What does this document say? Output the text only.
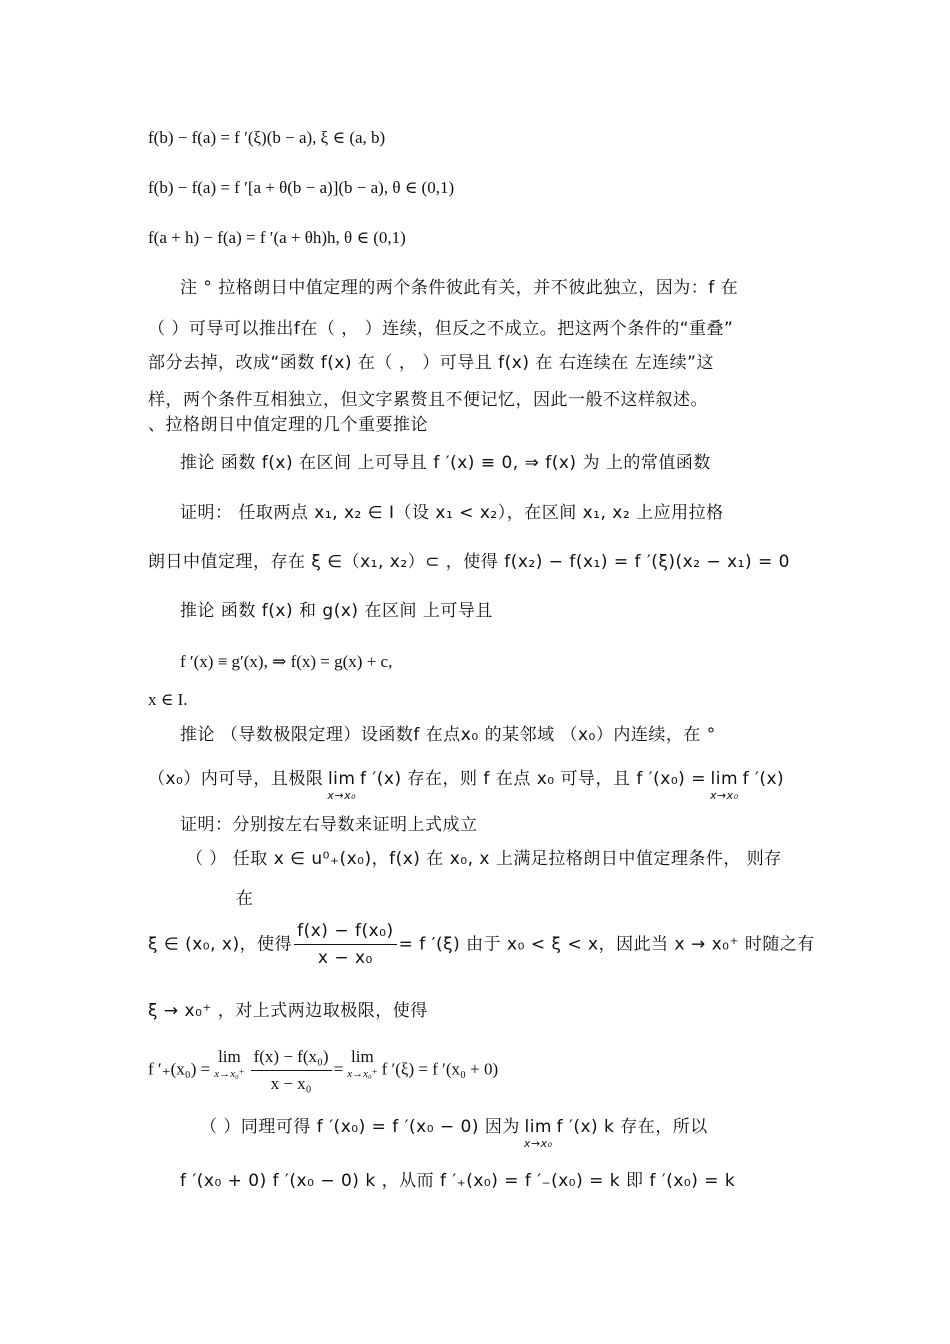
f(b) − f(a) = f ′(ξ)(b − a), ξ ∈ (a, b)
f(b) − f(a) = f ′[a + θ(b − a)](b − a), θ ∈ (0,1)
f(a + h) − f(a) = f ′(a + θh)h, θ ∈ (0,1)
注 ° 拉格朗日中值定理的两个条件彼此有关，并不彼此独立，因为：f 在
（ ）可导可以推出f在（ ， ）连续，但反之不成立。把这两个条件的“重叠”
部分去掉，改成“函数 f(x) 在（ ， ）可导且 f(x) 在 右连续在 左连续”这
样，两个条件互相独立，但文字累赘且不便记忆，因此一般不这样叙述。
、拉格朗日中值定理的几个重要推论
推论 函数 f(x) 在区间 上可导且 f ′(x) ≡ 0, ⇒ f(x) 为 上的常值函数
证明： 任取两点 x₁, x₂ ∈ I（设 x₁ < x₂），在区间 x₁, x₂ 上应用拉格
朗日中值定理，存在 ξ ∈（x₁, x₂）⊂ ，使得 f(x₂) − f(x₁) = f ′(ξ)(x₂ − x₁) = 0
推论 函数 f(x) 和 g(x) 在区间 上可导且
f ′(x) ≡ g′(x), ⇒ f(x) = g(x) + c,
x ∈ I.
推论 （导数极限定理）设函数f 在点x₀ 的某邻域 （x₀）内连续，在 °
（x₀）内可导，且极限 lim
x→x₀
f ′(x) 存在，则 f 在点 x₀ 可导，且 f ′(x₀) = lim
x→x₀
f ′(x)
证明：分别按左右导数来证明上式成立
（ ） 任取 x ∈ u⁰₊(x₀)，f(x) 在 x₀, x 上满足拉格朗日中值定理条件， 则存
在
ξ ∈ (x₀, x)，使得 $\frac{\text{f(x) − f(x₀)}}{\text{x − x₀}} = f$ ′(ξ) 由于 x₀ < ξ < x，因此当 x → x₀⁺ 时随之有
ξ → x₀⁺ ，对上式两边取极限，使得
f ′₊(x₀) =
lim
$x\to x_0^+ \frac{\text{f(x) − f(x₀)}}{\text{x − x₀}}$ =
lim
x→x₀⁺ f ′(ξ) = f ′(x₀ + 0)
（ ）同理可得 f ′(x₀) = f ′(x₀ − 0) 因为 lim
x→x₀
f ′(x) k 存在，所以
f ′(x₀ + 0) f ′(x₀ − 0) k ，从而 f ′₊(x₀) = f ′₋(x₀) = k 即 f ′(x₀) = k
